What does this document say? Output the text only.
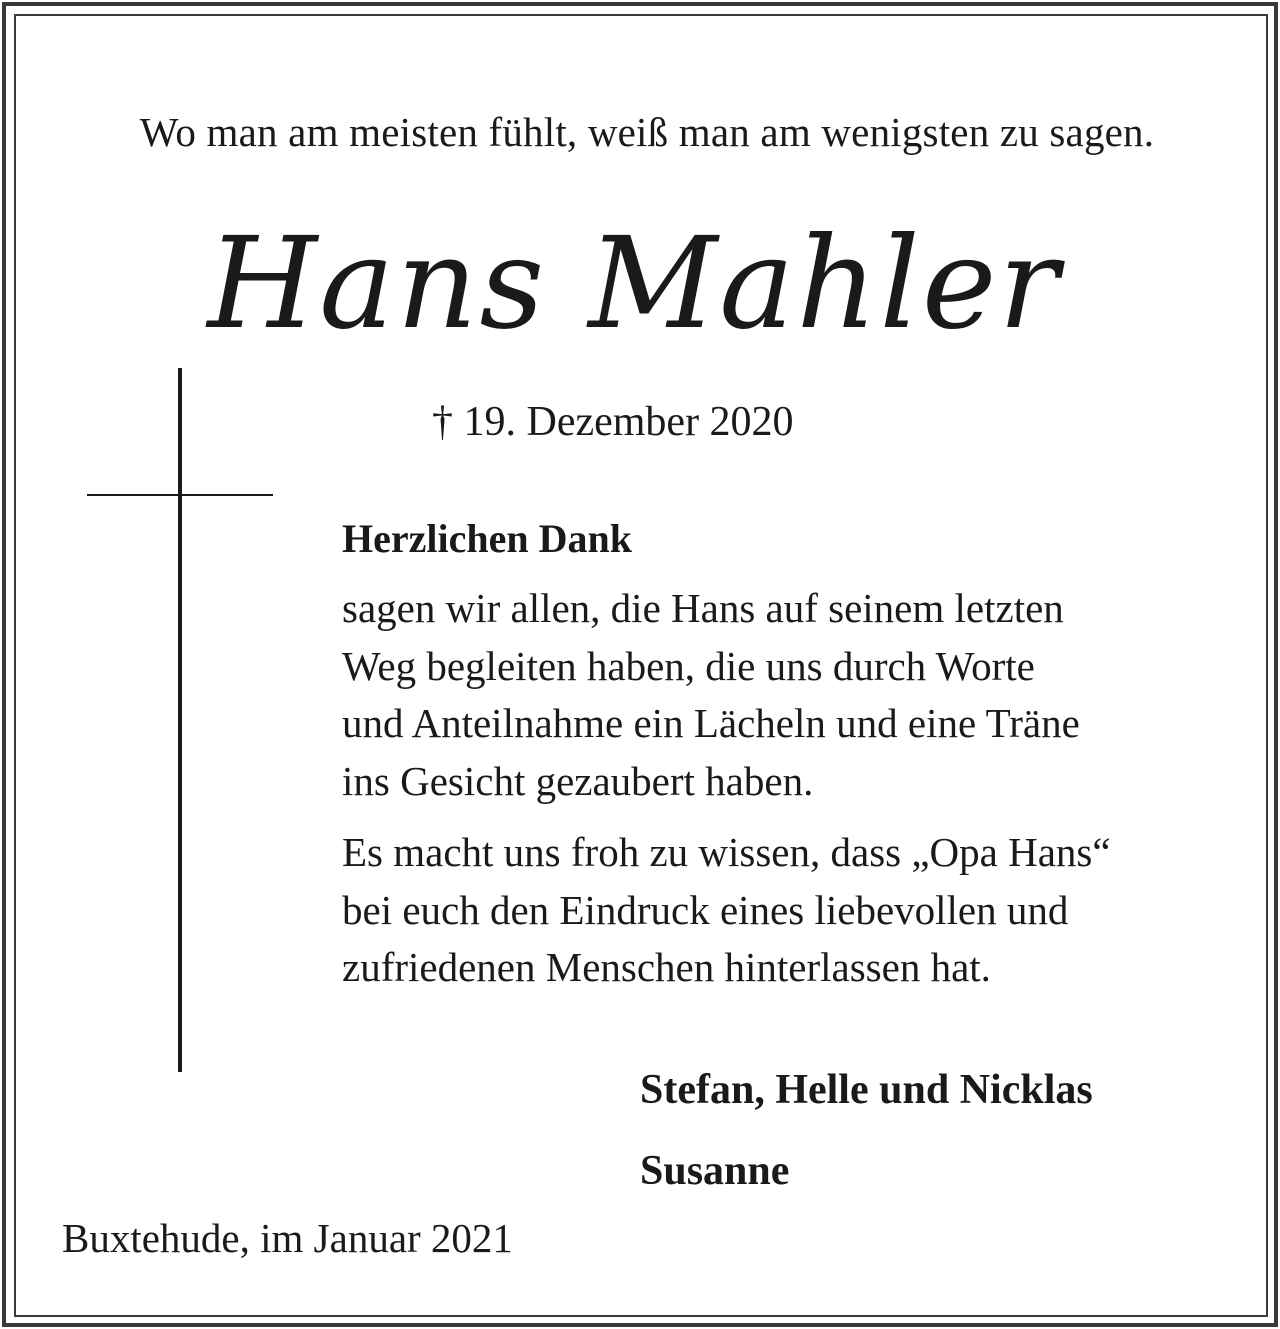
Wo man am meisten fühlt, weiß man am wenigsten zu sagen.
Hans Mahler
† 19. Dezember 2020
Herzlichen Dank
sagen wir allen, die Hans auf seinem letzten
Weg begleiten haben, die uns durch Worte
und Anteilnahme ein Lächeln und eine Träne
ins Gesicht gezaubert haben.
Es macht uns froh zu wissen, dass „Opa Hans“
bei euch den Eindruck eines liebevollen und
zufriedenen Menschen hinterlassen hat.
Stefan, Helle und Nicklas
Susanne
Buxtehude, im Januar 2021
